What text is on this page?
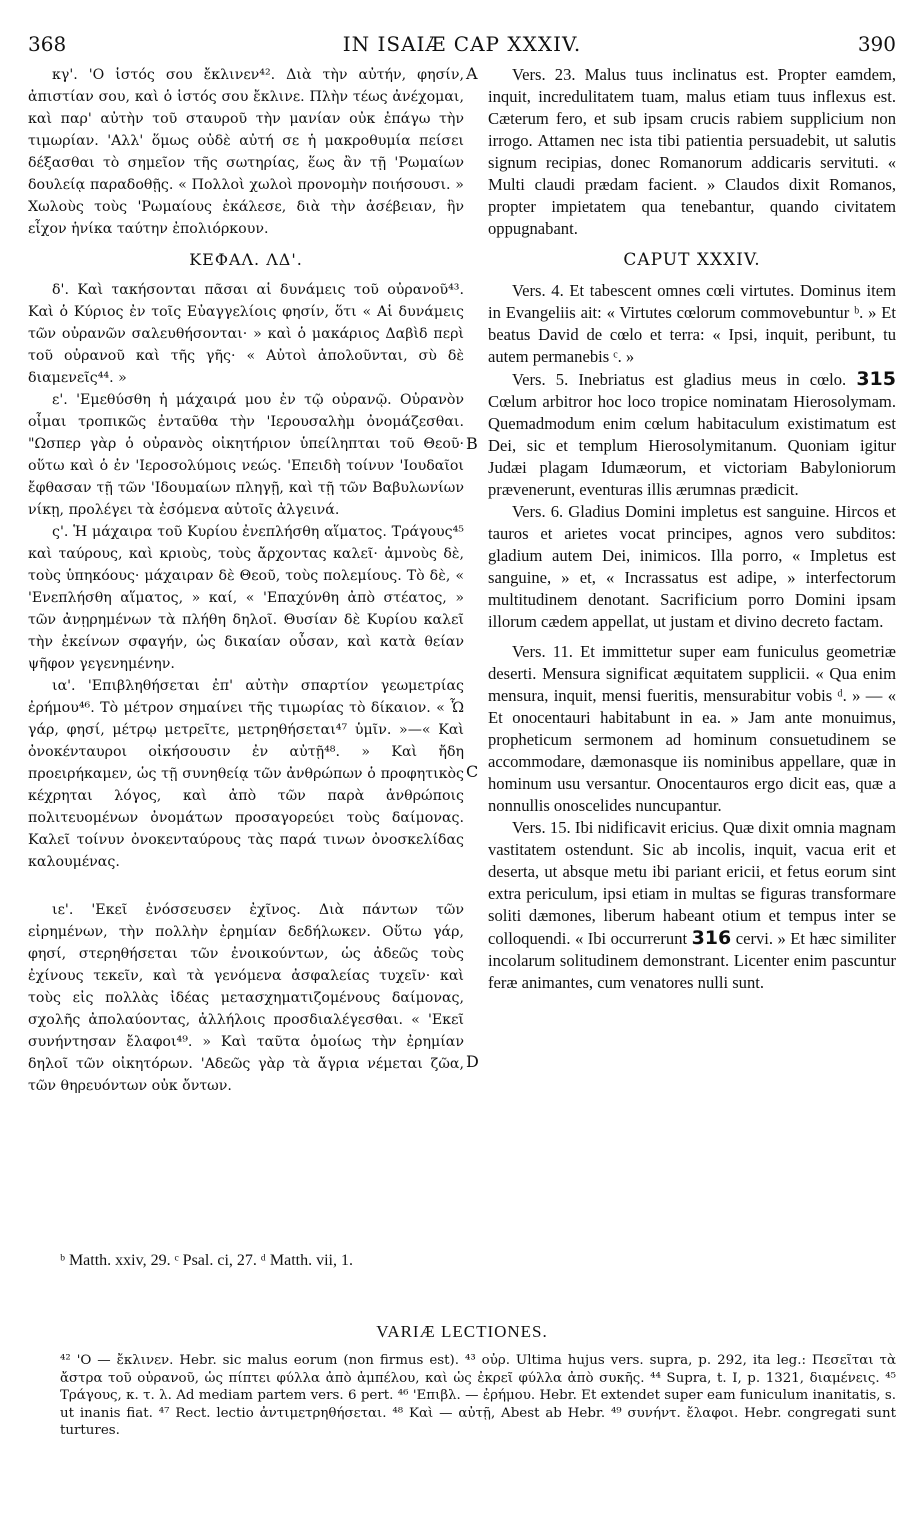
368	IN ISAIÆ CAP XXXIV.	390
A
B
C
D

κγ'. 'Ο ἱστός σου ἔκλινεν⁴². Διὰ τὴν αὐτήν, φησίν, ἀπιστίαν σου, καὶ ὁ ἱστός σου ἔκλινε. Πλὴν τέως ἀνέχομαι, καὶ παρ' αὐτὴν τοῦ σταυροῦ τὴν μανίαν οὐκ ἐπάγω τὴν τιμωρίαν. 'Αλλ' ὅμως οὐδὲ αὐτή σε ἡ μακροθυμία πείσει δέξασθαι τὸ σημεῖον τῆς σωτηρίας, ἕως ἂν τῇ 'Ρωμαίων δουλείᾳ παραδοθῇς. « Πολλοὶ χωλοὶ προνομὴν ποιήσουσι. » Χωλοὺς τοὺς 'Ρωμαίους ἐκάλεσε, διὰ τὴν ἀσέβειαν, ἣν εἶχον ἡνίκα ταύτην ἐπολιόρκουν.

ΚΕΦΑΛ. ΛΔ'.

δ'. Καὶ τακήσονται πᾶσαι αἱ δυνάμεις τοῦ οὐρανοῦ⁴³. Καὶ ὁ Κύριος ἐν τοῖς Εὐαγγελίοις φησίν, ὅτι « Αἱ δυνάμεις τῶν οὐρανῶν σαλευθήσονται· » καὶ ὁ μακάριος Δαβὶδ περὶ τοῦ οὐρανοῦ καὶ τῆς γῆς· « Αὐτοὶ ἀπολοῦνται, σὺ δὲ διαμενεῖς⁴⁴. »

ε'. 'Εμεθύσθη ἡ μάχαιρά μου ἐν τῷ οὐρανῷ. Οὐρανὸν οἶμαι τροπικῶς ἐνταῦθα τὴν 'Ιερουσαλὴμ ὀνομάζεσθαι. "Ωσπερ γὰρ ὁ οὐρανὸς οἰκητήριον ὑπείληπται τοῦ Θεοῦ· οὕτω καὶ ὁ ἐν 'Ιεροσολύμοις νεώς. 'Επειδὴ τοίνυν 'Ιουδαῖοι ἔφθασαν τῇ τῶν 'Ιδουμαίων πληγῇ, καὶ τῇ τῶν Βαβυλωνίων νίκῃ, προλέγει τὰ ἐσόμενα αὐτοῖς ἀλγεινά.

ς'. Ἡ μάχαιρα τοῦ Κυρίου ἐνεπλήσθη αἵματος. Τράγους⁴⁵ καὶ ταύρους, καὶ κριοὺς, τοὺς ἄρχοντας καλεῖ· ἀμνοὺς δὲ, τοὺς ὑπηκόους· μάχαιραν δὲ Θεοῦ, τοὺς πολεμίους. Τὸ δὲ, « 'Ενεπλήσθη αἵματος, » καί, « 'Επαχύνθη ἀπὸ στέατος, » τῶν ἀνῃρημένων τὰ πλήθη δηλοῖ. Θυσίαν δὲ Κυρίου καλεῖ τὴν ἐκείνων σφαγήν, ὡς δικαίαν οὖσαν, καὶ κατὰ θείαν ψῆφον γεγενημένην.

ια'. 'Επιβληθήσεται ἐπ' αὐτὴν σπαρτίον γεωμετρίας ἐρήμου⁴⁶. Τὸ μέτρον σημαίνει τῆς τιμωρίας τὸ δίκαιον. « Ὧ γάρ, φησί, μέτρῳ μετρεῖτε, μετρηθήσεται⁴⁷ ὑμῖν. »—« Καὶ ὀνοκένταυροι οἰκήσουσιν ἐν αὐτῇ⁴⁸. » Καὶ ἤδη προειρήκαμεν, ὡς τῇ συνηθείᾳ τῶν ἀνθρώπων ὁ προφητικὸς κέχρηται λόγος, καὶ ἀπὸ τῶν παρὰ ἀνθρώποις πολιτευομένων ὀνομάτων προσαγορεύει τοὺς δαίμονας. Καλεῖ τοίνυν ὀνοκενταύρους τὰς παρά τινων ὀνοσκελίδας καλουμένας.

ιε'. 'Εκεῖ ἐνόσσευσεν ἐχῖνος. Διὰ πάντων τῶν εἰρημένων, τὴν πολλὴν ἐρημίαν δεδήλωκεν. Οὕτω γάρ, φησί, στερηθήσεται τῶν ἐνοικούντων, ὡς ἀδεῶς τοὺς ἐχίνους τεκεῖν, καὶ τὰ γενόμενα ἀσφαλείας τυχεῖν· καὶ τοὺς εἰς πολλὰς ἰδέας μετασχηματιζομένους δαίμονας, σχολῆς ἀπολαύοντας, ἀλλήλοις προσδιαλέγεσθαι. « 'Εκεῖ συνήντησαν ἔλαφοι⁴⁹. » Καὶ ταῦτα ὁμοίως τὴν ἐρημίαν δηλοῖ τῶν οἰκητόρων. 'Αδεῶς γὰρ τὰ ἄγρια νέμεται ζῶα, τῶν θηρευόντων οὐκ ὄντων.

Vers. 23. Malus tuus inclinatus est. Propter eamdem, inquit, incredulitatem tuam, malus etiam tuus inflexus est. Cæterum fero, et sub ipsam crucis rabiem supplicium non irrogo. Attamen nec ista tibi patientia persuadebit, ut salutis signum recipias, donec Romanorum addicaris servituti. « Multi claudi prædam facient. » Claudos dixit Romanos, propter impietatem qua tenebantur, quando civitatem oppugnabant.

CAPUT XXXIV.

Vers. 4. Et tabescent omnes cœli virtutes. Dominus item in Evangeliis ait: « Virtutes cœlorum commovebuntur ᵇ. » Et beatus David de cœlo et terra: « Ipsi, inquit, peribunt, tu autem permanebis ᶜ. »

Vers. 5. Inebriatus est gladius meus in cœlo. 315 Cœlum arbitror hoc loco tropice nominatam Hierosolymam. Quemadmodum enim cœlum habitaculum existimatum est Dei, sic et templum Hierosolymitanum. Quoniam igitur Judæi plagam Idumæorum, et victoriam Babyloniorum prævenerunt, eventuras illis ærumnas prædicit.

Vers. 6. Gladius Domini impletus est sanguine. Hircos et tauros et arietes vocat principes, agnos vero subditos: gladium autem Dei, inimicos. Illa porro, « Impletus est sanguine, » et, « Incrassatus est adipe, » interfectorum multitudinem denotant. Sacrificium porro Domini ipsam illorum cædem appellat, ut justam et divino decreto factam.

Vers. 11. Et immittetur super eam funiculus geometriæ deserti. Mensura significat æquitatem supplicii. « Qua enim mensura, inquit, mensi fueritis, mensurabitur vobis ᵈ. » — « Et onocentauri habitabunt in ea. » Jam ante monuimus, propheticum sermonem ad hominum consuetudinem se accommodare, dæmonasque iis nominibus appellare, quæ in hominum usu versantur. Onocentauros ergo dicit eas, quæ a nonnullis onoscelides nuncupantur.

Vers. 15. Ibi nidificavit ericius. Quæ dixit omnia magnam vastitatem ostendunt. Sic ab incolis, inquit, vacua erit et deserta, ut absque metu ibi pariant ericii, et fetus eorum sint extra periculum, ipsi etiam in multas se figuras transformare soliti dæmones, liberum habeant otium et tempus inter se colloquendi. « Ibi occurrerunt 316 cervi. » Et hæc similiter incolarum solitudinem demonstrant. Licenter enim pascuntur feræ animantes, cum venatores nulli sunt.

ᵇ Matth. xxiv, 29. ᶜ Psal. ci, 27. ᵈ Matth. vii, 1.
VARIÆ LECTIONES.
⁴² 'Ο — ἔκλινεν. Hebr. sic malus eorum (non firmus est). ⁴³ οὐρ. Ultima hujus vers. supra, p. 292, ita leg.: Πεσεῖται τὰ ἄστρα τοῦ οὐρανοῦ, ὡς πίπτει φύλλα ἀπὸ ἀμπέλου, καὶ ὡς ἐκρεῖ φύλλα ἀπὸ συκῆς. ⁴⁴ Supra, t. I, p. 1321, διαμένεις. ⁴⁵ Τράγους, κ. τ. λ. Ad mediam partem vers. 6 pert. ⁴⁶ 'Επιβλ. — ἐρήμου. Hebr. Et extendet super eam funiculum inanitatis, s. ut inanis fiat. ⁴⁷ Rect. lectio ἀντιμετρηθήσεται. ⁴⁸ Καὶ — αὐτῇ, Abest ab Hebr. ⁴⁹ συνήντ. ἔλαφοι. Hebr. congregati sunt turtures.
